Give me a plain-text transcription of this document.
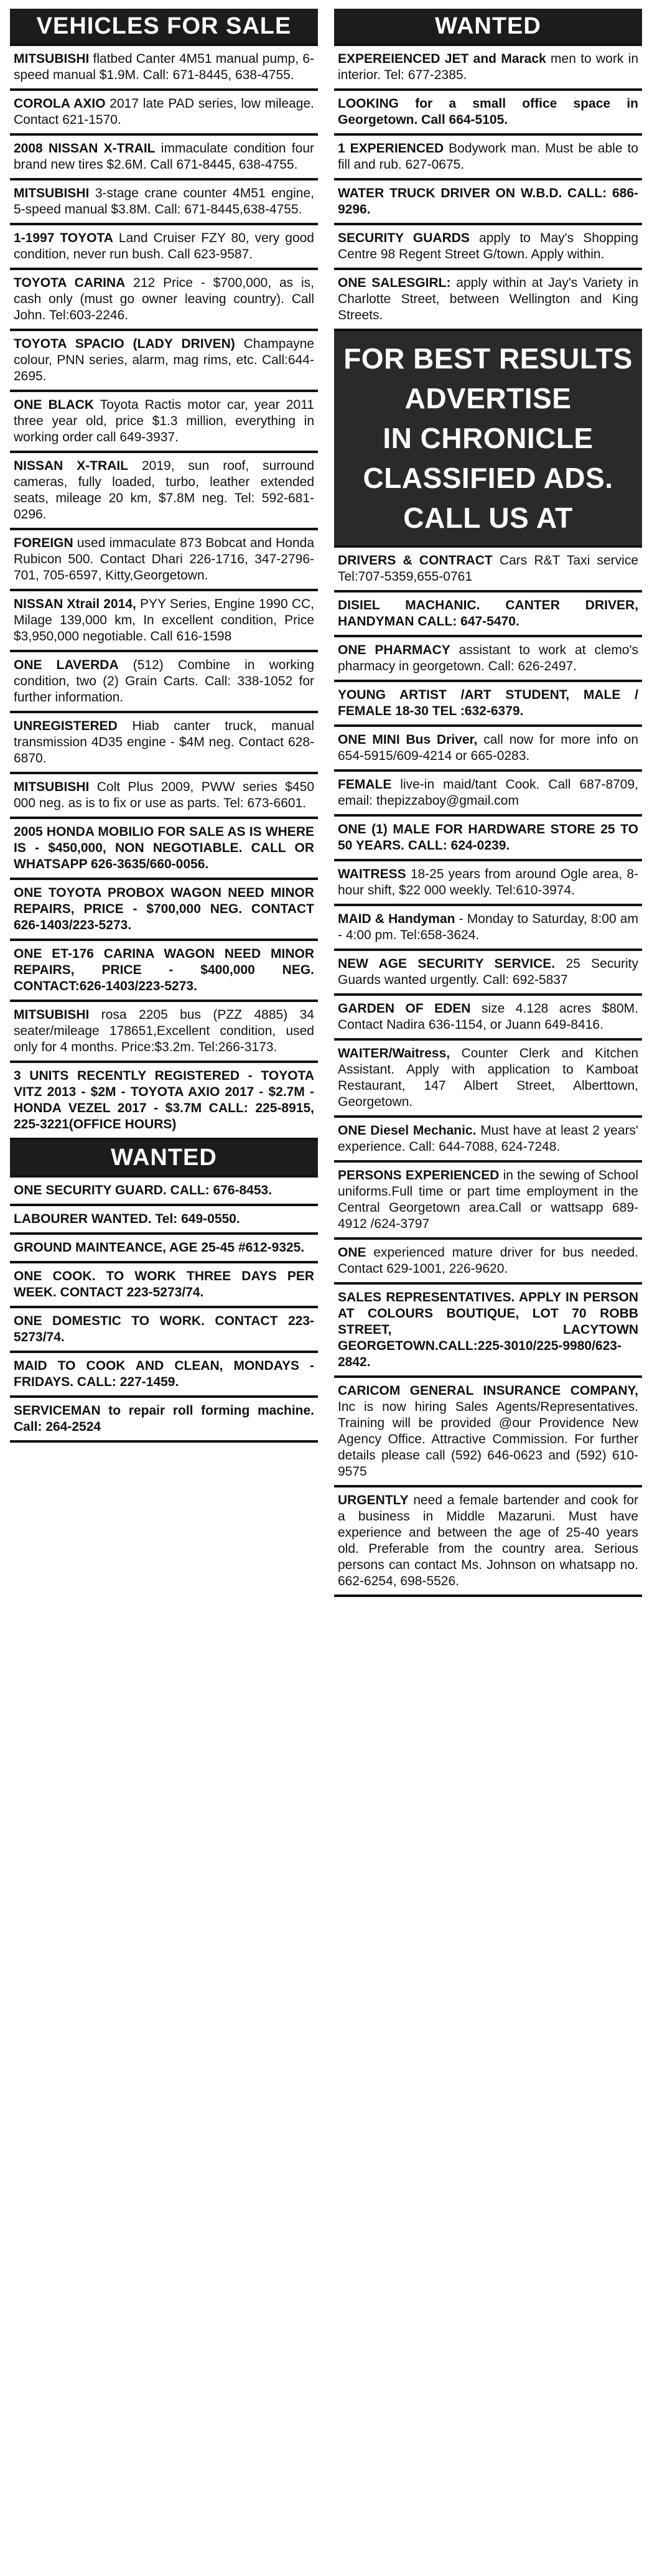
VEHICLES FOR SALE
MITSUBISHI flatbed Canter 4M51 manual pump, 6-speed manual $1.9M. Call: 671-8445, 638-4755.
COROLA AXIO 2017 late PAD series, low mileage. Contact 621-1570.
2008 NISSAN X-TRAIL immaculate condition four brand new tires $2.6M. Call 671-8445, 638-4755.
MITSUBISHI 3-stage crane counter 4M51 engine, 5-speed manual $3.8M. Call: 671-8445,638-4755.
1-1997 TOYOTA Land Cruiser FZY 80, very good condition, never run bush. Call 623-9587.
TOYOTA CARINA 212 Price - $700,000, as is, cash only (must go owner leaving country). Call John. Tel:603-2246.
TOYOTA SPACIO (LADY DRIVEN) Champayne colour, PNN series, alarm, mag rims, etc. Call:644-2695.
ONE BLACK Toyota Ractis motor car, year 2011 three year old, price $1.3 million, everything in working order call 649-3937.
NISSAN X-TRAIL 2019, sun roof, surround cameras, fully loaded, turbo, leather extended seats, mileage 20 km, $7.8M neg. Tel: 592-681-0296.
FOREIGN used immaculate 873 Bobcat and Honda Rubicon 500. Contact Dhari 226-1716, 347-2796-701, 705-6597, Kitty,Georgetown.
NISSAN Xtrail 2014, PYY Series, Engine 1990 CC, Milage 139,000 km, In excellent condition, Price $3,950,000 negotiable. Call 616-1598
ONE LAVERDA (512) Combine in working condition, two (2) Grain Carts. Call: 338-1052 for further information.
UNREGISTERED Hiab canter truck, manual transmission 4D35 engine - $4M neg. Contact 628-6870.
MITSUBISHI Colt Plus 2009, PWW series $450 000 neg. as is to fix or use as parts. Tel: 673-6601.
2005 HONDA MOBILIO FOR SALE AS IS WHERE IS - $450,000, NON NEGOTIABLE. CALL OR WHATSAPP 626-3635/660-0056.
ONE TOYOTA PROBOX WAGON NEED MINOR REPAIRS, PRICE - $700,000 NEG. CONTACT 626-1403/223-5273.
ONE ET-176 CARINA WAGON NEED MINOR REPAIRS, PRICE - $400,000 NEG. CONTACT:626-1403/223-5273.
MITSUBISHI rosa 2205 bus (PZZ 4885) 34 seater/mileage 178651,Excellent condition, used only for 4 months. Price:$3.2m. Tel:266-3173.
3 UNITS RECENTLY REGISTERED - TOYOTA VITZ 2013 - $2M - TOYOTA AXIO 2017 - $2.7M - HONDA VEZEL 2017 - $3.7M CALL: 225-8915, 225-3221(OFFICE HOURS)
WANTED
ONE SECURITY GUARD. CALL: 676-8453.
LABOURER WANTED. Tel: 649-0550.
GROUND MAINTEANCE, AGE 25-45 #612-9325.
ONE COOK. TO WORK THREE DAYS PER WEEK. CONTACT 223-5273/74.
ONE DOMESTIC TO WORK. CONTACT 223-5273/74.
MAID TO COOK AND CLEAN, MONDAYS - FRIDAYS. CALL: 227-1459.
SERVICEMAN to repair roll forming machine. Call: 264-2524
WANTED
EXPEREIENCED JET and Marack men to work in interior. Tel: 677-2385.
LOOKING for a small office space in Georgetown. Call 664-5105.
1 EXPERIENCED Bodywork man. Must be able to fill and rub. 627-0675.
WATER TRUCK DRIVER ON W.B.D. CALL: 686-9296.
SECURITY GUARDS apply to May's Shopping Centre 98 Regent Street G/town. Apply within.
ONE SALESGIRL: apply within at Jay's Variety in Charlotte Street, between Wellington and King Streets.
FOR BEST RESULTS
ADVERTISE
IN CHRONICLE
CLASSIFIED ADS.
CALL US AT
DRIVERS & CONTRACT Cars R&T Taxi service Tel:707-5359,655-0761
DISIEL MACHANIC. CANTER DRIVER, HANDYMAN CALL: 647-5470.
ONE PHARMACY assistant to work at clemo's pharmacy in georgetown. Call: 626-2497.
YOUNG ARTIST /ART STUDENT, MALE / FEMALE 18-30 TEL :632-6379.
ONE MINI Bus Driver, call now for more info on 654-5915/609-4214 or 665-0283.
FEMALE live-in maid/tant Cook. Call 687-8709, email: thepizzaboy@gmail.com
ONE (1) MALE FOR HARDWARE STORE 25 TO 50 YEARS. CALL: 624-0239.
WAITRESS 18-25 years from around Ogle area, 8-hour shift, $22 000 weekly. Tel:610-3974.
MAID & Handyman - Monday to Saturday, 8:00 am - 4:00 pm. Tel:658-3624.
NEW AGE SECURITY SERVICE. 25 Security Guards wanted urgently. Call: 692-5837
GARDEN OF EDEN size 4.128 acres $80M. Contact Nadira 636-1154, or Juann 649-8416.
WAITER/Waitress, Counter Clerk and Kitchen Assistant. Apply with application to Kamboat Restaurant, 147 Albert Street, Alberttown, Georgetown.
ONE Diesel Mechanic. Must have at least 2 years' experience. Call: 644-7088, 624-7248.
PERSONS EXPERIENCED in the sewing of School uniforms.Full time or part time employment in the Central Georgetown area.Call or wattsapp 689-4912 /624-3797
ONE experienced mature driver for bus needed. Contact 629-1001, 226-9620.
SALES REPRESENTATIVES. APPLY IN PERSON AT COLOURS BOUTIQUE, LOT 70 ROBB STREET, LACYTOWN GEORGETOWN.CALL:225-3010/225-9980/623-2842.
CARICOM GENERAL INSURANCE COMPANY, Inc is now hiring Sales Agents/Representatives. Training will be provided @our Providence New Agency Office. Attractive Commission. For further details please call (592) 646-0623 and (592) 610-9575
URGENTLY need a female bartender and cook for a business in Middle Mazaruni. Must have experience and between the age of 25-40 years old. Preferable from the country area. Serious persons can contact Ms. Johnson on whatsapp no. 662-6254, 698-5526.
